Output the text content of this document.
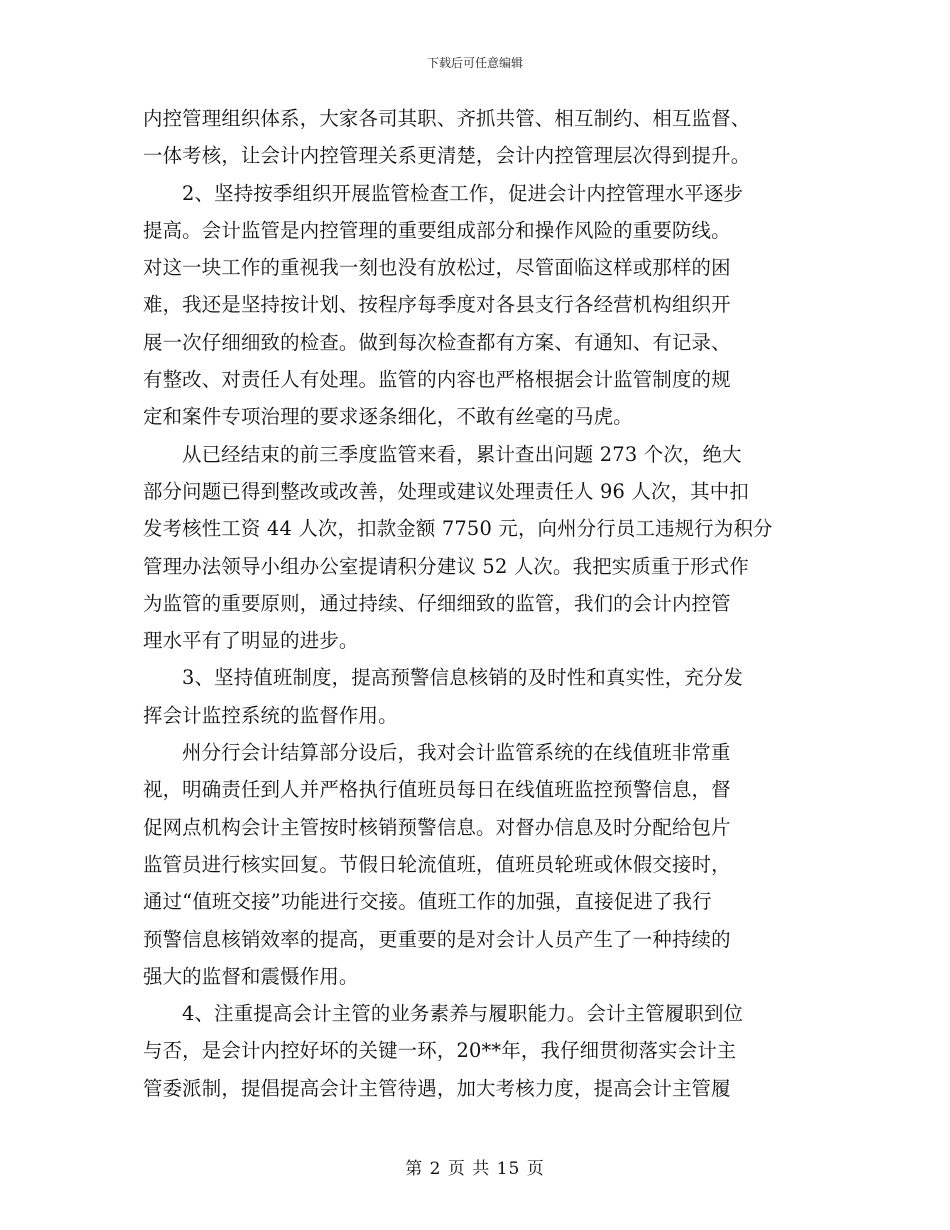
下载后可任意编辑
内控管理组织体系，大家各司其职、齐抓共管、相互制约、相互监督、
一体考核，让会计内控管理关系更清楚，会计内控管理层次得到提升。
2、坚持按季组织开展监管检查工作，促进会计内控管理水平逐步
提高。会计监管是内控管理的重要组成部分和操作风险的重要防线。
对这一块工作的重视我一刻也没有放松过，尽管面临这样或那样的困
难，我还是坚持按计划、按程序每季度对各县支行各经营机构组织开
展一次仔细细致的检查。做到每次检查都有方案、有通知、有记录、
有整改、对责任人有处理。监管的内容也严格根据会计监管制度的规
定和案件专项治理的要求逐条细化，不敢有丝毫的马虎。
从已经结束的前三季度监管来看，累计查出问题 273 个次，绝大
部分问题已得到整改或改善，处理或建议处理责任人 96 人次，其中扣
发考核性工资 44 人次，扣款金额 7750 元，向州分行员工违规行为积分
管理办法领导小组办公室提请积分建议 52 人次。我把实质重于形式作
为监管的重要原则，通过持续、仔细细致的监管，我们的会计内控管
理水平有了明显的进步。
3、坚持值班制度，提高预警信息核销的及时性和真实性，充分发
挥会计监控系统的监督作用。
州分行会计结算部分设后，我对会计监管系统的在线值班非常重
视，明确责任到人并严格执行值班员每日在线值班监控预警信息，督
促网点机构会计主管按时核销预警信息。对督办信息及时分配给包片
监管员进行核实回复。节假日轮流值班，值班员轮班或休假交接时，
通过“值班交接”功能进行交接。值班工作的加强，直接促进了我行
预警信息核销效率的提高，更重要的是对会计人员产生了一种持续的
强大的监督和震慑作用。
4、注重提高会计主管的业务素养与履职能力。会计主管履职到位
与否，是会计内控好坏的关键一环，20**年，我仔细贯彻落实会计主
管委派制，提倡提高会计主管待遇，加大考核力度，提高会计主管履
第 2 页 共 15 页
